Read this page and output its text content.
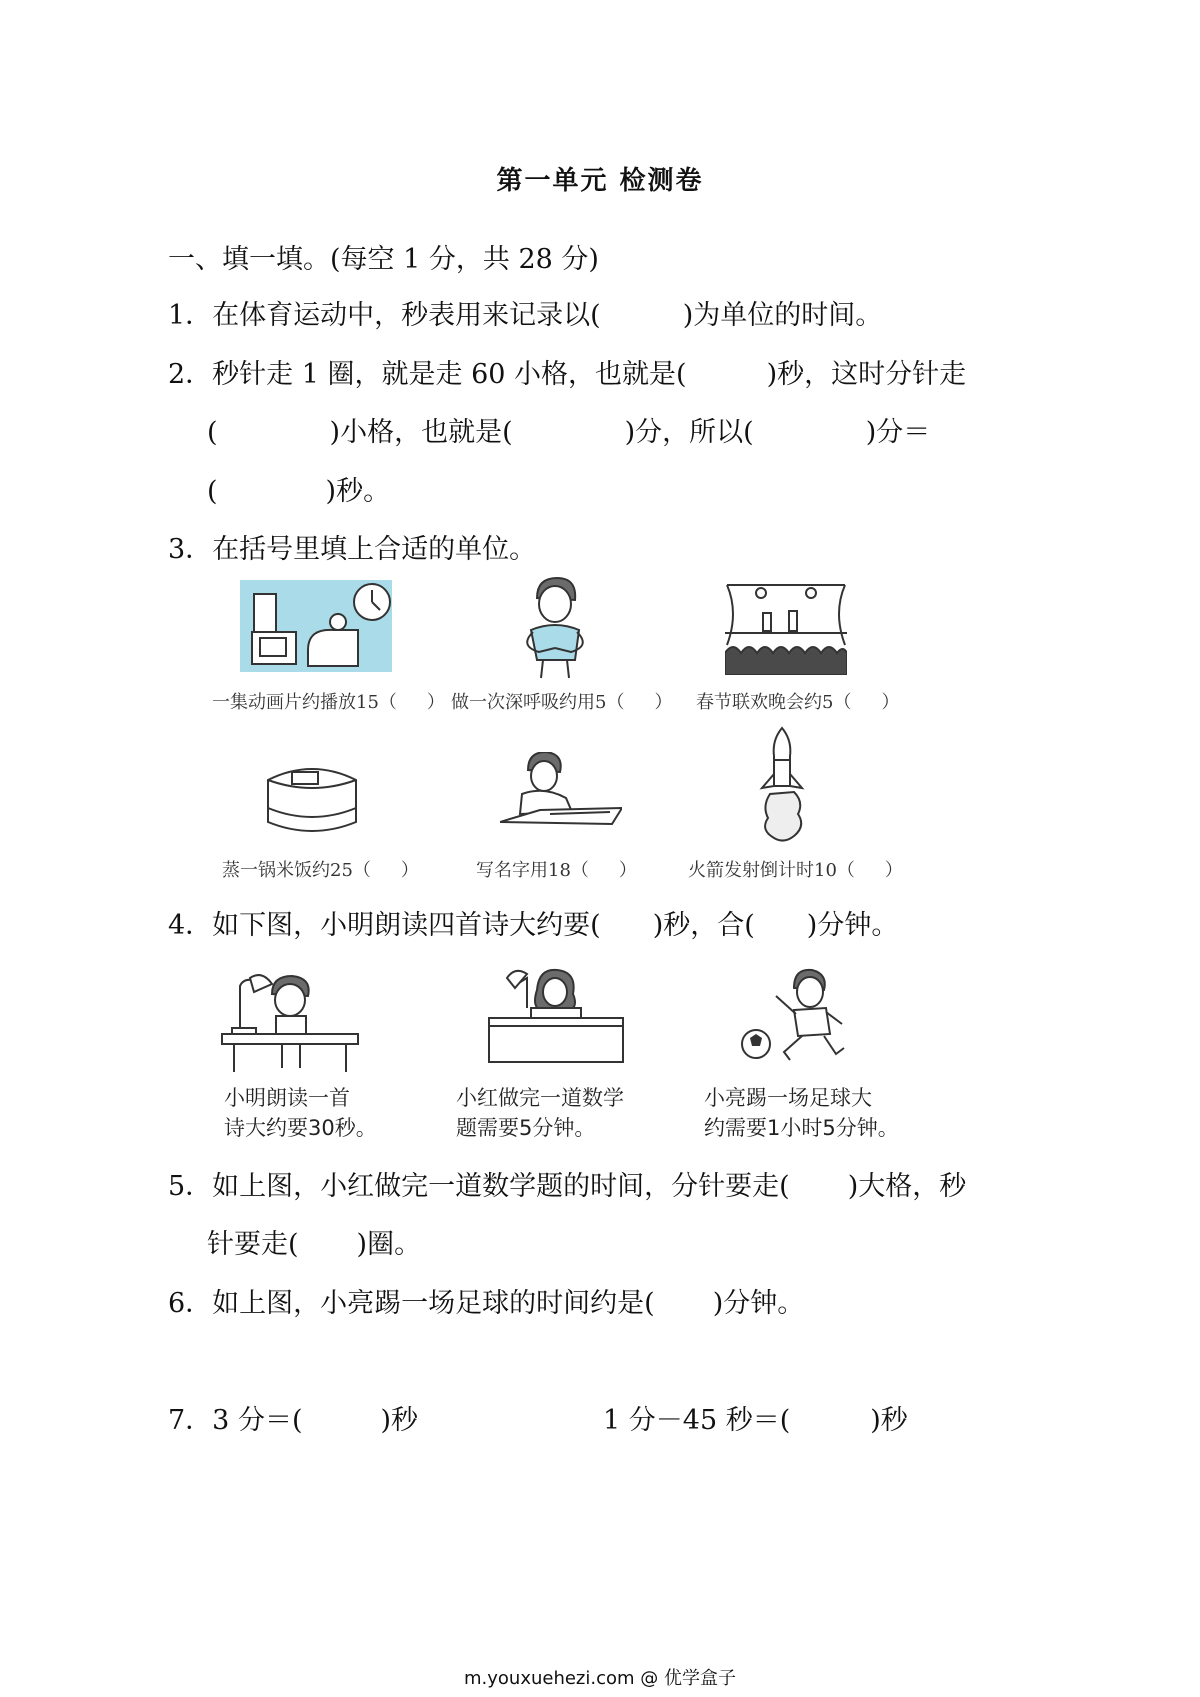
第一单元 检测卷
一、填一填。(每空 1 分，共 28 分)
1．在体育运动中，秒表用来记录以(	)为单位的时间。
2．秒针走 1 圈，就是走 60 小格，也就是(	)秒，这时分针走
(	)小格，也就是(	)分，所以(	)分＝
(	)秒。
3．在括号里填上合适的单位。
一集动画片约播放15（ ） 做一次深呼吸约用5（ ） 春节联欢晚会约5（ ）
蒸一锅米饭约25（ ）	写名字用18（ ）	火箭发射倒计时10（ ）
4．如下图，小明朗读四首诗大约要( )秒，合( )分钟。
小明朗读一首
诗大约要30秒。
小红做完一道数学
题需要5分钟。
小亮踢一场足球大
约需要1小时5分钟。
5．如上图，小红做完一道数学题的时间，分针要走( )大格，秒
针要走( )圈。
6．如上图，小亮踢一场足球的时间约是( )分钟。
7．3 分＝(	)秒	1 分－45 秒＝(	)秒
m.youxuehezi.com @ 优学盒子
